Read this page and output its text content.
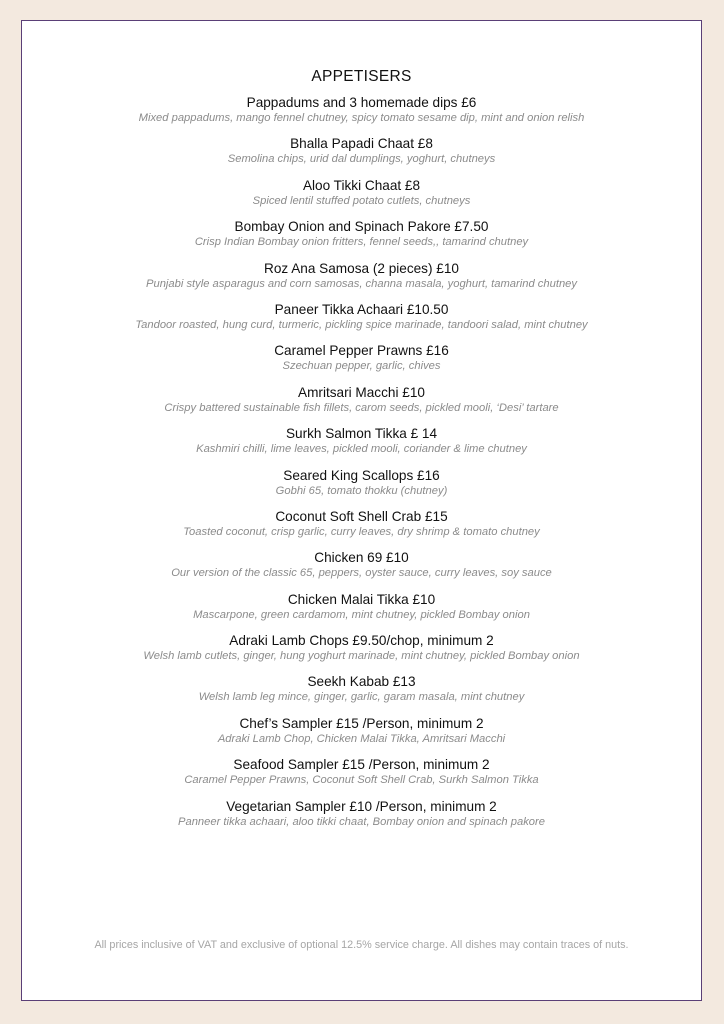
APPETISERS
Pappadums and 3 homemade dips £6
Mixed pappadums, mango fennel chutney, spicy tomato sesame dip, mint and onion relish
Bhalla Papadi Chaat £8
Semolina chips, urid dal dumplings, yoghurt, chutneys
Aloo Tikki Chaat £8
Spiced lentil stuffed potato cutlets, chutneys
Bombay Onion and Spinach Pakore £7.50
Crisp Indian Bombay onion fritters, fennel seeds,, tamarind chutney
Roz Ana Samosa (2 pieces) £10
Punjabi style asparagus and corn samosas, channa masala, yoghurt, tamarind chutney
Paneer Tikka Achaari £10.50
Tandoor roasted, hung curd, turmeric, pickling spice marinade, tandoori salad, mint chutney
Caramel Pepper Prawns £16
Szechuan pepper, garlic, chives
Amritsari Macchi £10
Crispy battered sustainable fish fillets, carom seeds, pickled mooli, ‘Desi’ tartare
Surkh Salmon Tikka £ 14
Kashmiri chilli, lime leaves, pickled mooli, coriander & lime chutney
Seared King Scallops £16
Gobhi 65, tomato thokku (chutney)
Coconut Soft Shell Crab £15
Toasted coconut, crisp garlic, curry leaves, dry shrimp & tomato chutney
Chicken 69 £10
Our version of the classic 65, peppers, oyster sauce, curry leaves, soy sauce
Chicken Malai Tikka £10
Mascarpone, green cardamom, mint chutney, pickled Bombay onion
Adraki Lamb Chops £9.50/chop, minimum 2
Welsh lamb cutlets, ginger, hung yoghurt marinade, mint chutney, pickled Bombay onion
Seekh Kabab £13
Welsh lamb leg mince, ginger, garlic, garam masala, mint chutney
Chef’s Sampler £15 /Person, minimum 2
Adraki Lamb Chop, Chicken Malai Tikka, Amritsari Macchi
Seafood Sampler £15 /Person, minimum 2
Caramel Pepper Prawns, Coconut Soft Shell Crab, Surkh Salmon Tikka
Vegetarian Sampler £10 /Person, minimum 2
Panneer tikka achaari, aloo tikki chaat, Bombay onion and spinach pakore
All prices inclusive of VAT and exclusive of optional 12.5% service charge. All dishes may contain traces of nuts.
